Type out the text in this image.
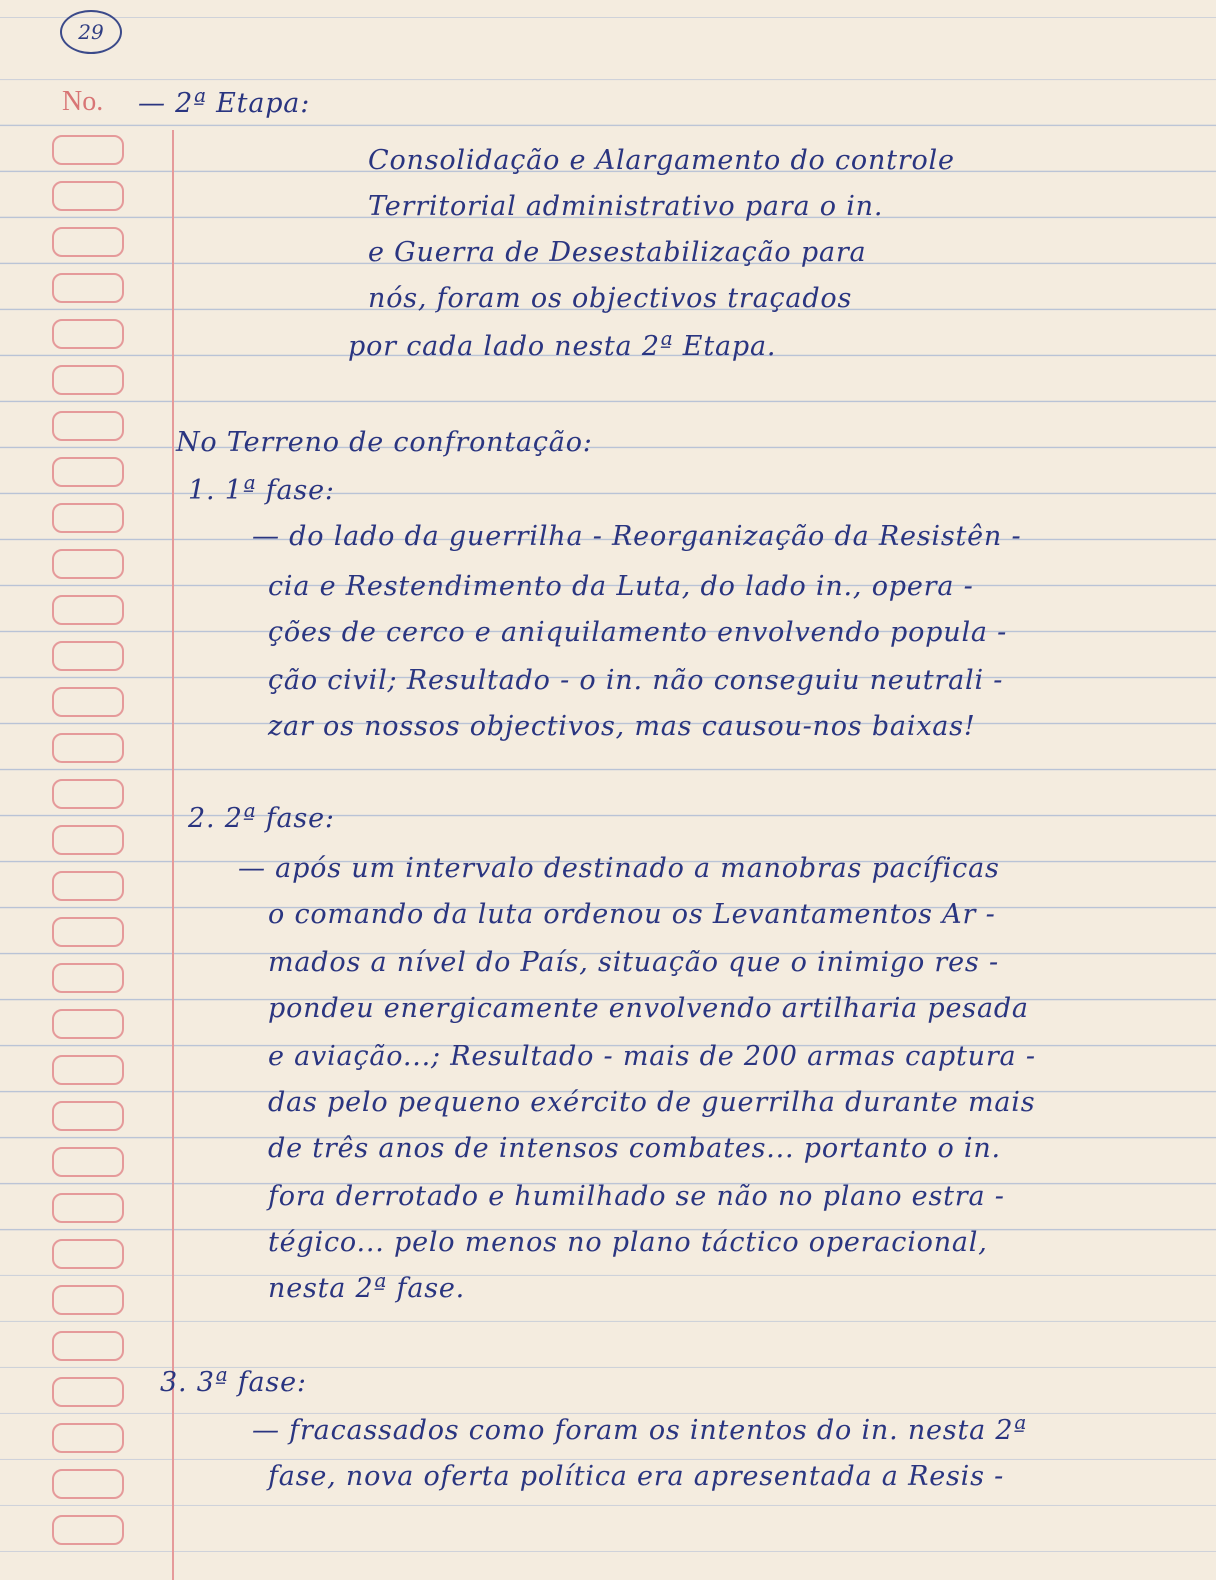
29
No. — 2ª Etapa:
Consolidação e Alargamento do controle
Territorial administrativo para o in.
e Guerra de Desestabilização para
nós, foram os objectivos traçados
por cada lado nesta 2ª Etapa.
No Terreno de confrontação:
1. 1ª fase:
— do lado da guerrilha - Reorganização da Resistên -
cia e Restendimento da Luta, do lado in., opera -
ções de cerco e aniquilamento envolvendo popula -
ção civil; Resultado - o in. não conseguiu neutrali -
zar os nossos objectivos, mas causou-nos baixas!
2. 2ª fase:
— após um intervalo destinado a manobras pacíficas
o comando da luta ordenou os Levantamentos Ar -
mados a nível do País, situação que o inimigo res -
pondeu energicamente envolvendo artilharia pesada
e aviação...; Resultado - mais de 200 armas captura -
das pelo pequeno exército de guerrilha durante mais
de três anos de intensos combates... portanto o in.
fora derrotado e humilhado se não no plano estra -
tégico... pelo menos no plano táctico operacional,
nesta 2ª fase.
3. 3ª fase:
— fracassados como foram os intentos do in. nesta 2ª
fase, nova oferta política era apresentada a Resis -
